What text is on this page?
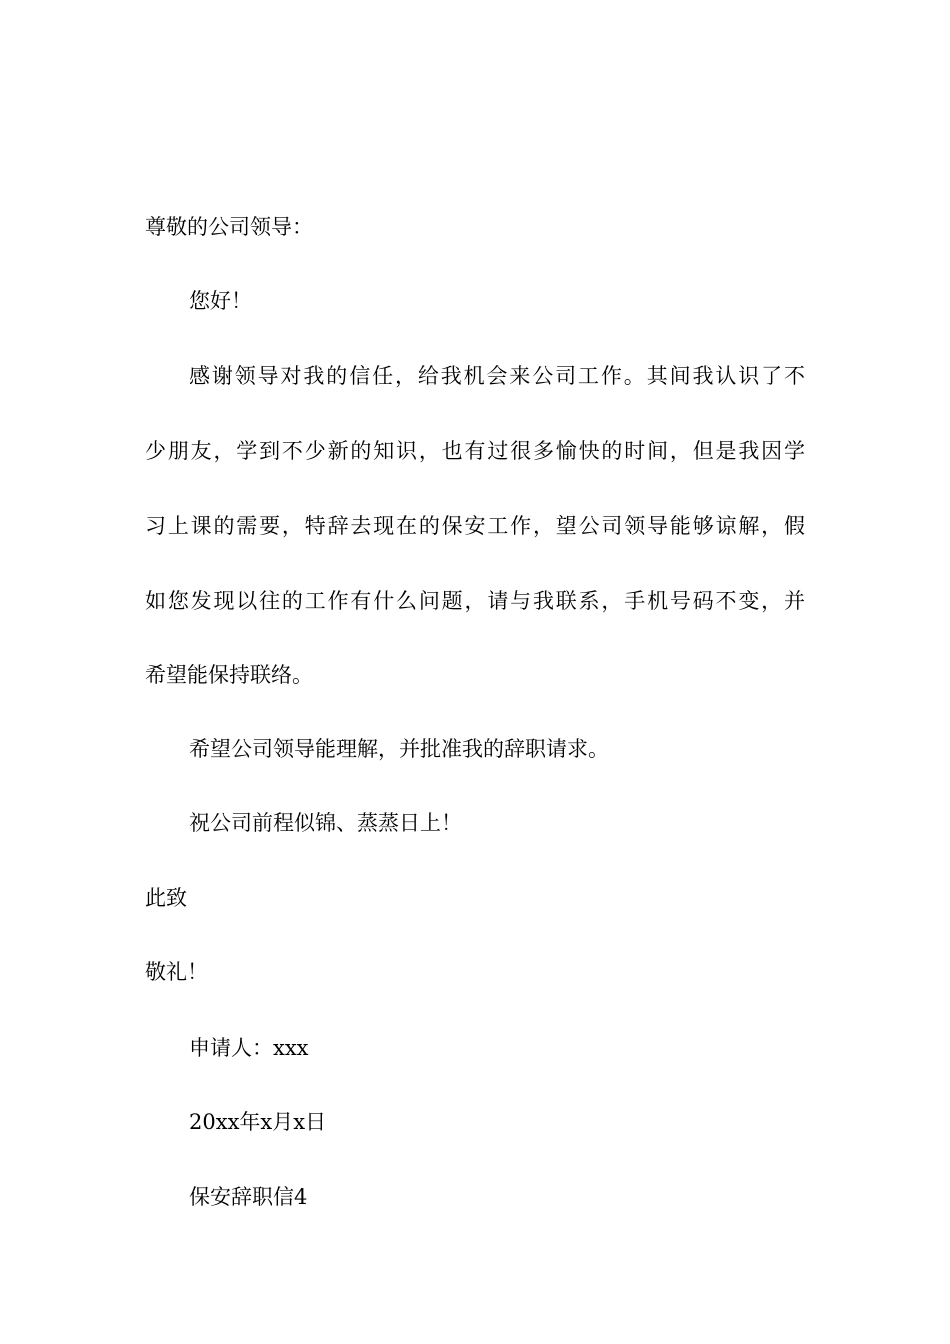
尊敬的公司领导：
您好！
感谢领导对我的信任，给我机会来公司工作。其间我认识了不
少朋友，学到不少新的知识，也有过很多愉快的时间，但是我因学
习上课的需要，特辞去现在的保安工作，望公司领导能够谅解，假
如您发现以往的工作有什么问题，请与我联系，手机号码不变，并
希望能保持联络。
希望公司领导能理解，并批准我的辞职请求。
祝公司前程似锦、蒸蒸日上！
此致
敬礼！
申请人：xxx
20xx年x月x日
保安辞职信4
